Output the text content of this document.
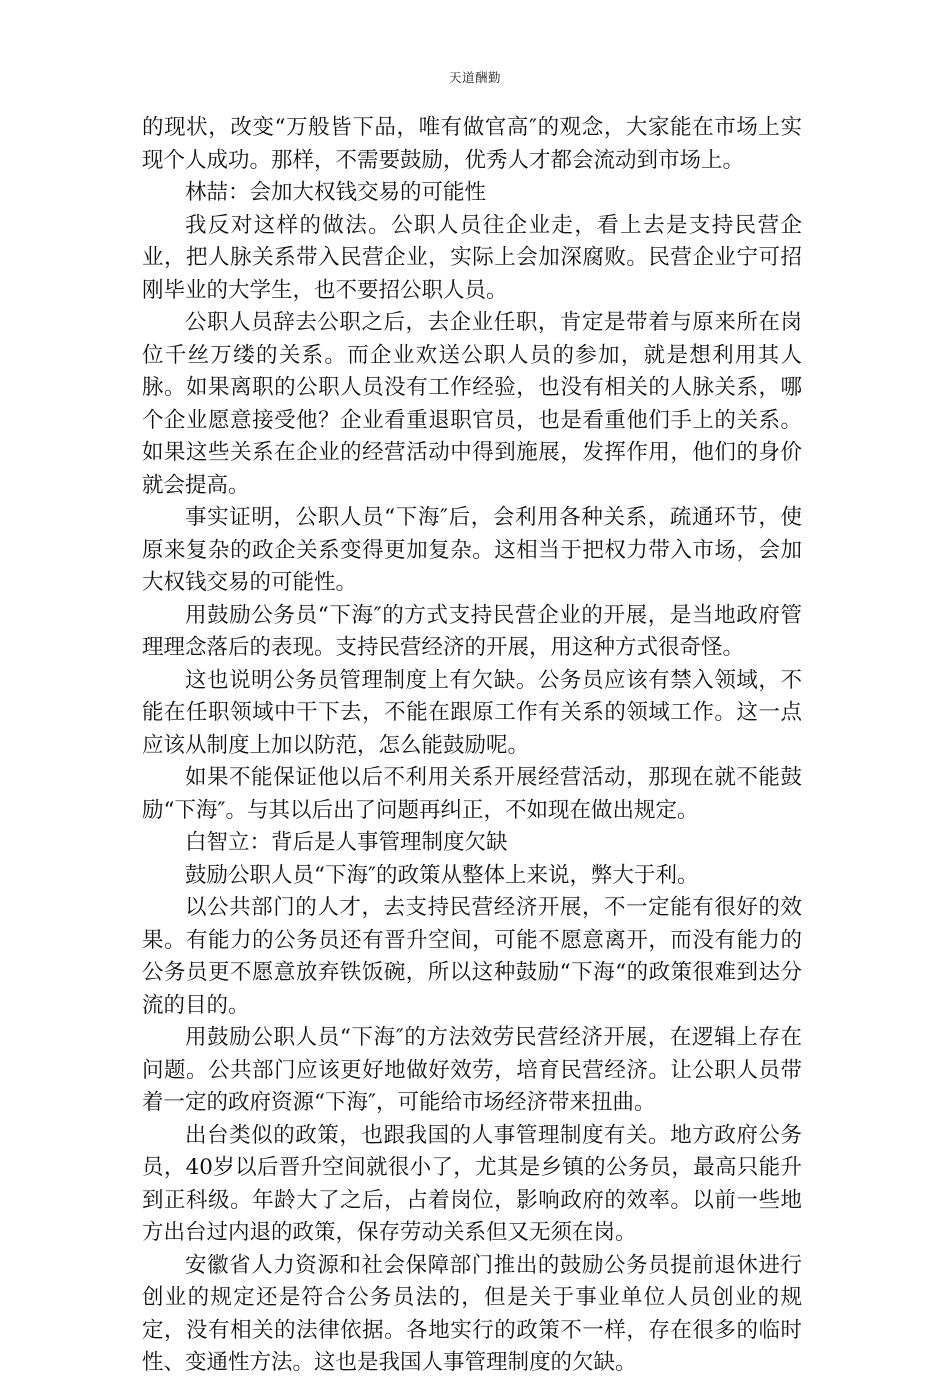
天道酬勤

的现状，改变“万般皆下品，唯有做官高″的观念，大家能在市场上实现个人成功。那样，不需要鼓励，优秀人才都会流动到市场上。

林喆：会加大权钱交易的可能性

我反对这样的做法。公职人员往企业走，看上去是支持民营企业，把人脉关系带入民营企业，实际上会加深腐败。民营企业宁可招刚毕业的大学生，也不要招公职人员。

公职人员辞去公职之后，去企业任职，肯定是带着与原来所在岗位千丝万缕的关系。而企业欢送公职人员的参加，就是想利用其人脉。如果离职的公职人员没有工作经验，也没有相关的人脉关系，哪个企业愿意接受他？企业看重退职官员，也是看重他们手上的关系。如果这些关系在企业的经营活动中得到施展，发挥作用，他们的身价就会提高。

事实证明，公职人员“下海″后，会利用各种关系，疏通环节，使原来复杂的政企关系变得更加复杂。这相当于把权力带入市场，会加大权钱交易的可能性。

用鼓励公务员“下海″的方式支持民营企业的开展，是当地政府管理理念落后的表现。支持民营经济的开展，用这种方式很奇怪。

这也说明公务员管理制度上有欠缺。公务员应该有禁入领域，不能在任职领域中干下去，不能在跟原工作有关系的领域工作。这一点应该从制度上加以防范，怎么能鼓励呢。

如果不能保证他以后不利用关系开展经营活动，那现在就不能鼓励“下海″。与其以后出了问题再纠正，不如现在做出规定。

白智立：背后是人事管理制度欠缺

鼓励公职人员“下海″的政策从整体上来说，弊大于利。

以公共部门的人才，去支持民营经济开展，不一定能有很好的效果。有能力的公务员还有晋升空间，可能不愿意离开，而没有能力的公务员更不愿意放弃铁饭碗，所以这种鼓励“下海“的政策很难到达分流的目的。

用鼓励公职人员“下海″的方法效劳民营经济开展，在逻辑上存在问题。公共部门应该更好地做好效劳，培育民营经济。让公职人员带着一定的政府资源“下海″，可能给市场经济带来扭曲。

出台类似的政策，也跟我国的人事管理制度有关。地方政府公务员，40岁以后晋升空间就很小了，尤其是乡镇的公务员，最高只能升到正科级。年龄大了之后，占着岗位，影响政府的效率。以前一些地方出台过内退的政策，保存劳动关系但又无须在岗。

安徽省人力资源和社会保障部门推出的鼓励公务员提前退休进行创业的规定还是符合公务员法的，但是关于事业单位人员创业的规定，没有相关的法律依据。各地实行的政策不一样，存在很多的临时性、变通性方法。这也是我国人事管理制度的欠缺。
